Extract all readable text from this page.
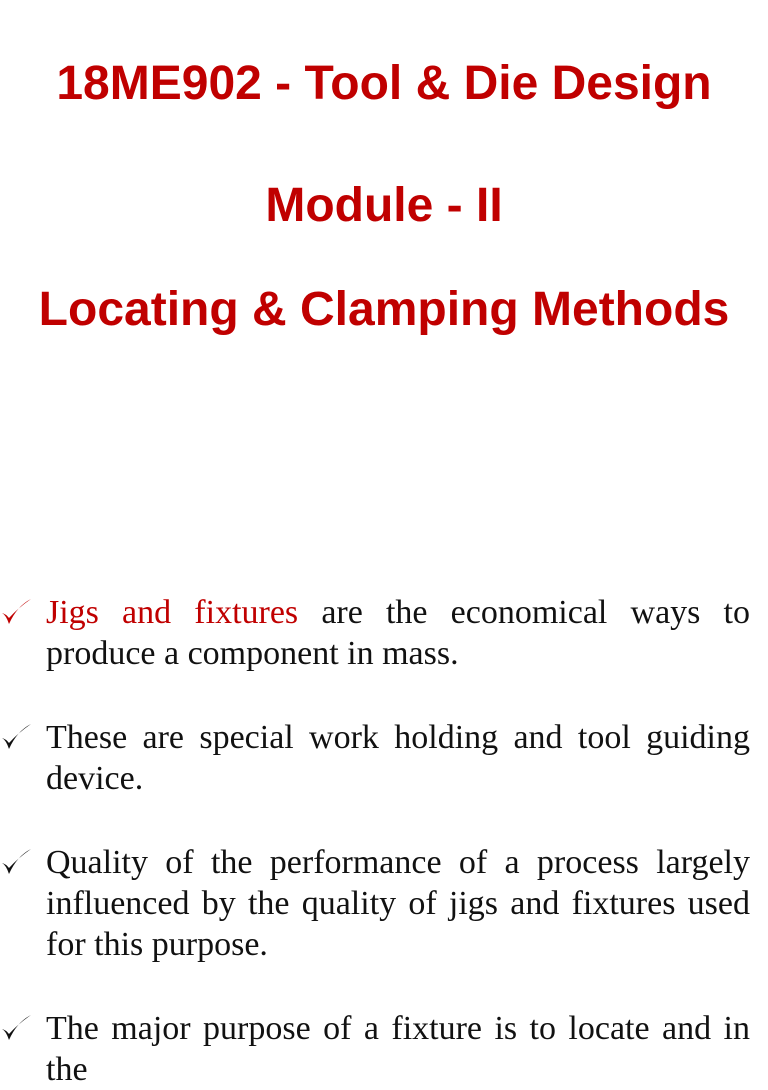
18ME902 - Tool & Die Design
Module - II
Locating & Clamping Methods

Jigs and fixtures are the economical ways to produce a component in mass.

These are special work holding and tool guiding device.

Quality of the performance of a process largely influenced by the quality of jigs and fixtures used for this purpose.

The major purpose of a fixture is to locate and in the
